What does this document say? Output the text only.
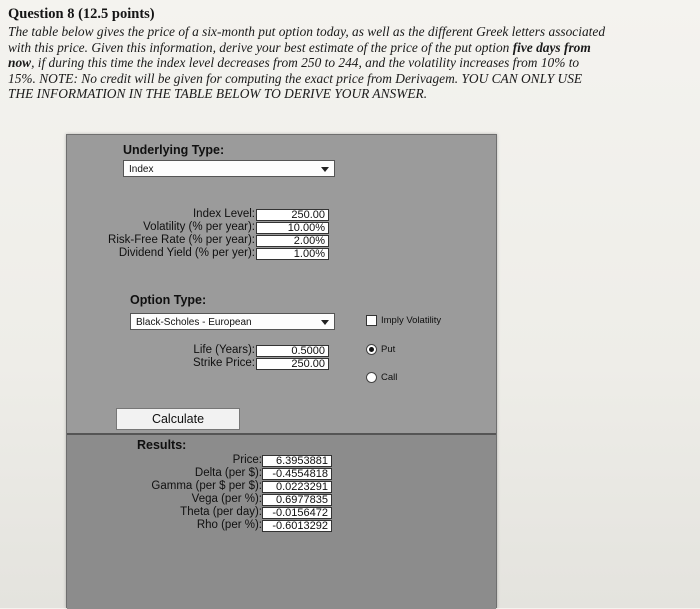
Question 8 (12.5 points)
The table below gives the price of a six-month put option today, as well as the different Greek letters associated
with this price. Given this information, derive your best estimate of the price of the put option five days from
now, if during this time the index level decreases from 250 to 244, and the volatility increases from 10% to
15%. NOTE: No credit will be given for computing the exact price from Derivagem. YOU CAN ONLY USE
THE INFORMATION IN THE TABLE BELOW TO DERIVE YOUR ANSWER.
Underlying Type:
Index
Index Level:	250.00
Volatility (% per year):	10.00%
Risk-Free Rate (% per year):	2.00%
Dividend Yield (% per yer):	1.00%
Option Type:
Black-Scholes - European	Imply Volatility
Life (Years):	0.5000
Strike Price:	250.00
Put
Call
Calculate
Results:
Price:	6.3953881
Delta (per $): -0.4554818
Gamma (per $ per $):	0.0223291
Vega (per %):	0.6977835
Theta (per day): -0.0156472
Rho (per %): -0.6013292
